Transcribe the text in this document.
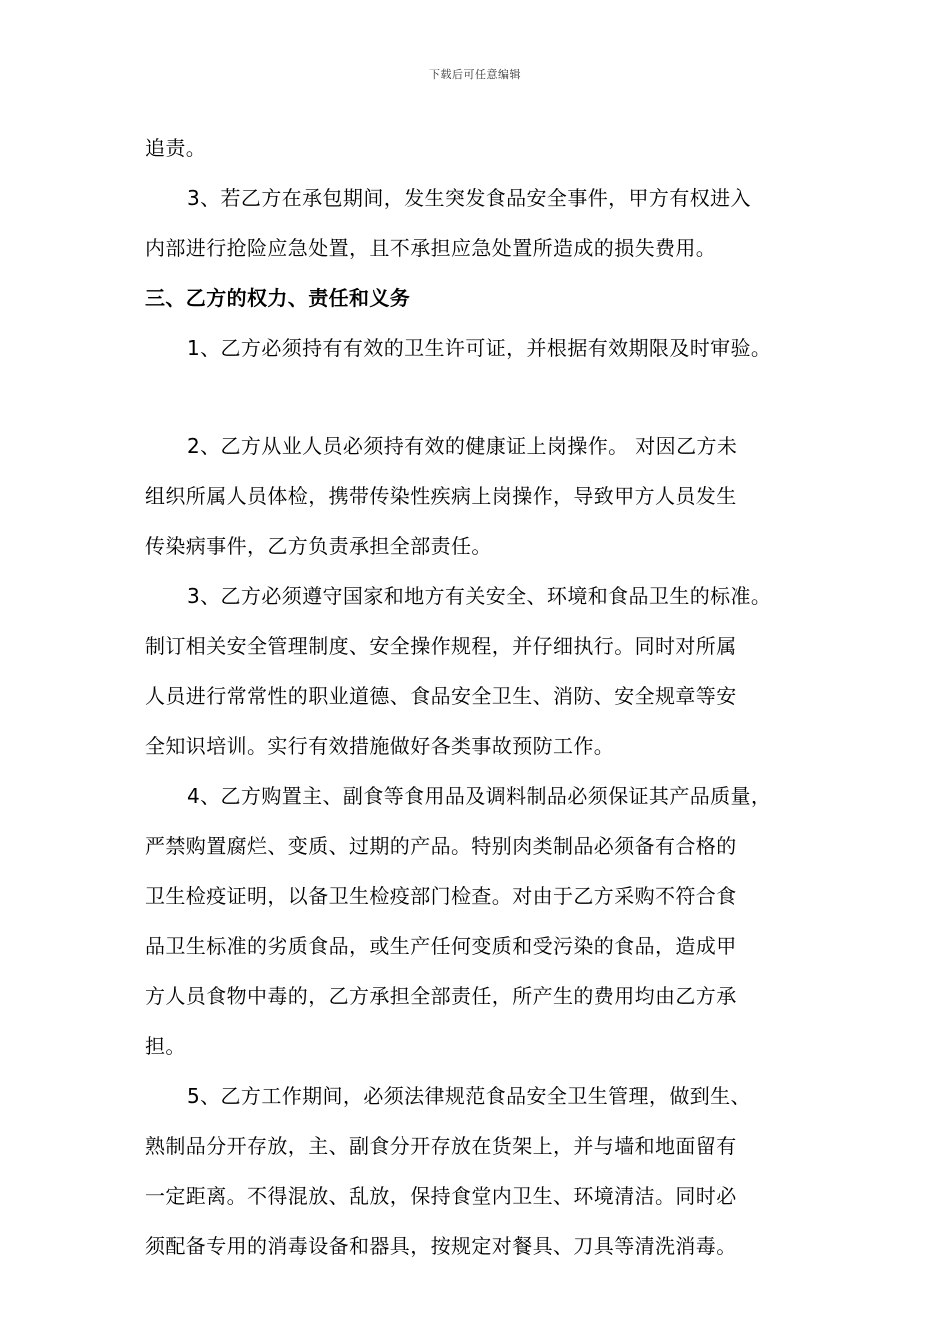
下载后可任意编辑
追责。
3、若乙方在承包期间，发生突发食品安全事件，甲方有权进入
内部进行抢险应急处置，且不承担应急处置所造成的损失费用。
三、乙方的权力、责任和义务
1、乙方必须持有有效的卫生许可证，并根据有效期限及时审验。
2、乙方从业人员必须持有效的健康证上岗操作。 对因乙方未
组织所属人员体检，携带传染性疾病上岗操作，导致甲方人员发生
传染病事件，乙方负责承担全部责任。
3、乙方必须遵守国家和地方有关安全、环境和食品卫生的标准。
制订相关安全管理制度、安全操作规程，并仔细执行。同时对所属
人员进行常常性的职业道德、食品安全卫生、消防、安全规章等安
全知识培训。实行有效措施做好各类事故预防工作。
4、乙方购置主、副食等食用品及调料制品必须保证其产品质量，
严禁购置腐烂、变质、过期的产品。特别肉类制品必须备有合格的
卫生检疫证明，以备卫生检疫部门检查。对由于乙方采购不符合食
品卫生标准的劣质食品，或生产任何变质和受污染的食品，造成甲
方人员食物中毒的，乙方承担全部责任，所产生的费用均由乙方承
担。
5、乙方工作期间，必须法律规范食品安全卫生管理，做到生、
熟制品分开存放，主、副食分开存放在货架上，并与墙和地面留有
一定距离。不得混放、乱放，保持食堂内卫生、环境清洁。同时必
须配备专用的消毒设备和器具，按规定对餐具、刀具等清洗消毒。
